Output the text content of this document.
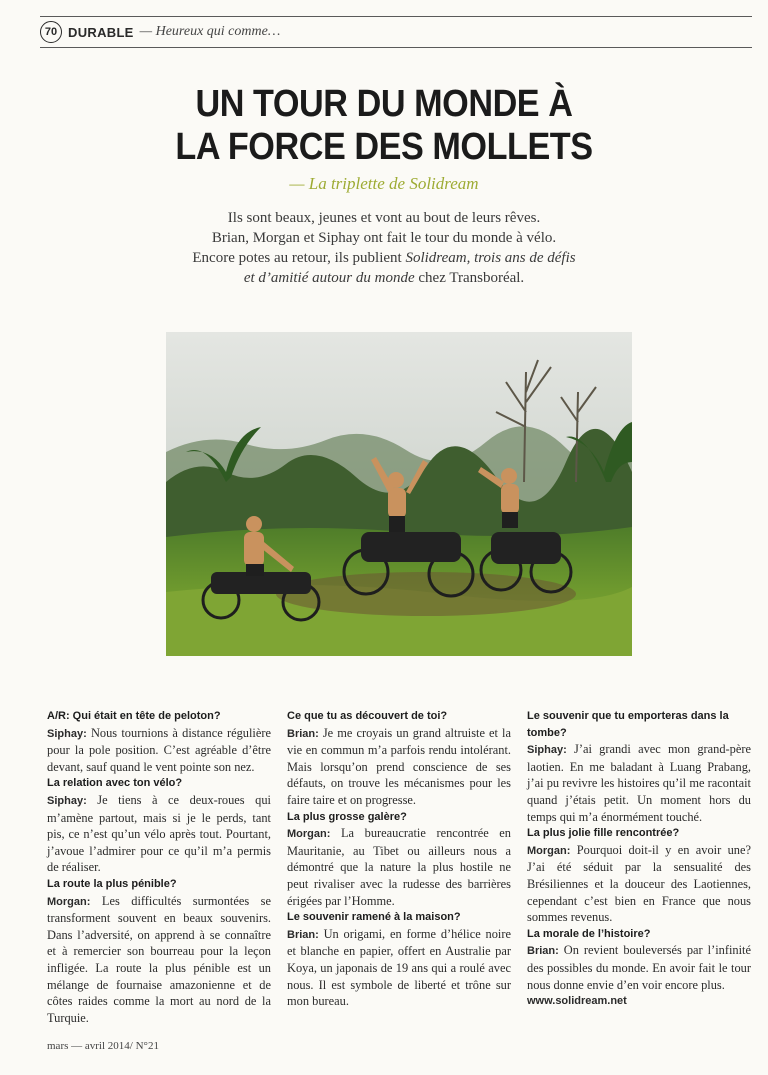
70 DURABLE — Heureux qui comme…
UN TOUR DU MONDE À
LA FORCE DES MOLLETS
— La triplette de Solidream
Ils sont beaux, jeunes et vont au bout de leurs rêves.
Brian, Morgan et Siphay ont fait le tour du monde à vélo.
Encore potes au retour, ils publient Solidream, trois ans de défis
et d’amitié autour du monde chez Transboréal.
A/R: Qui était en tête de peloton?

Siphay: Nous tournions à distance régulière pour la pole position. C’est agréable d’être devant, sauf quand le vent pointe son nez.

La relation avec ton vélo?

Siphay: Je tiens à ce deux-roues qui m’amène partout, mais si je le perds, tant pis, ce n’est qu’un vélo après tout. Pourtant, j’avoue l’admirer pour ce qu’il m’a permis de réaliser.

La route la plus pénible?

Morgan: Les difficultés surmontées se transforment souvent en beaux souvenirs. Dans l’adversité, on apprend à se connaître et à remercier son bourreau pour la leçon infligée. La route la plus pénible est un mélange de fournaise amazonienne et de côtes raides comme la mort au nord de la Turquie.

Ce que tu as découvert de toi?

Brian: Je me croyais un grand altruiste et la vie en commun m’a parfois rendu intolérant. Mais lorsqu’on prend conscience de ses défauts, on trouve les mécanismes pour les faire taire et on progresse.

La plus grosse galère?

Morgan: La bureaucratie rencontrée en Mauritanie, au Tibet ou ailleurs nous a démontré que la nature la plus hostile ne peut rivaliser avec la rudesse des barrières érigées par l’Homme.

Le souvenir ramené à la maison?

Brian: Un origami, en forme d’hélice noire et blanche en papier, offert en Australie par Koya, un japonais de 19 ans qui a roulé avec nous. Il est symbole de liberté et trône sur mon bureau.

Le souvenir que tu emporteras dans la tombe?

Siphay: J’ai grandi avec mon grand-père laotien. En me baladant à Luang Prabang, j’ai pu revivre les histoires qu’il me racontait quand j’étais petit. Un moment hors du temps qui m’a énormément touché.

La plus jolie fille rencontrée?

Morgan: Pourquoi doit-il y en avoir une? J’ai été séduit par la sensualité des Brésiliennes et la douceur des Laotiennes, cependant c’est bien en France que nous sommes revenus.

La morale de l’histoire?

Brian: On revient bouleversés par l’infinité des possibles du monde. En avoir fait le tour nous donne envie d’en voir encore plus.

www.solidream.net
mars — avril 2014/ N°21
